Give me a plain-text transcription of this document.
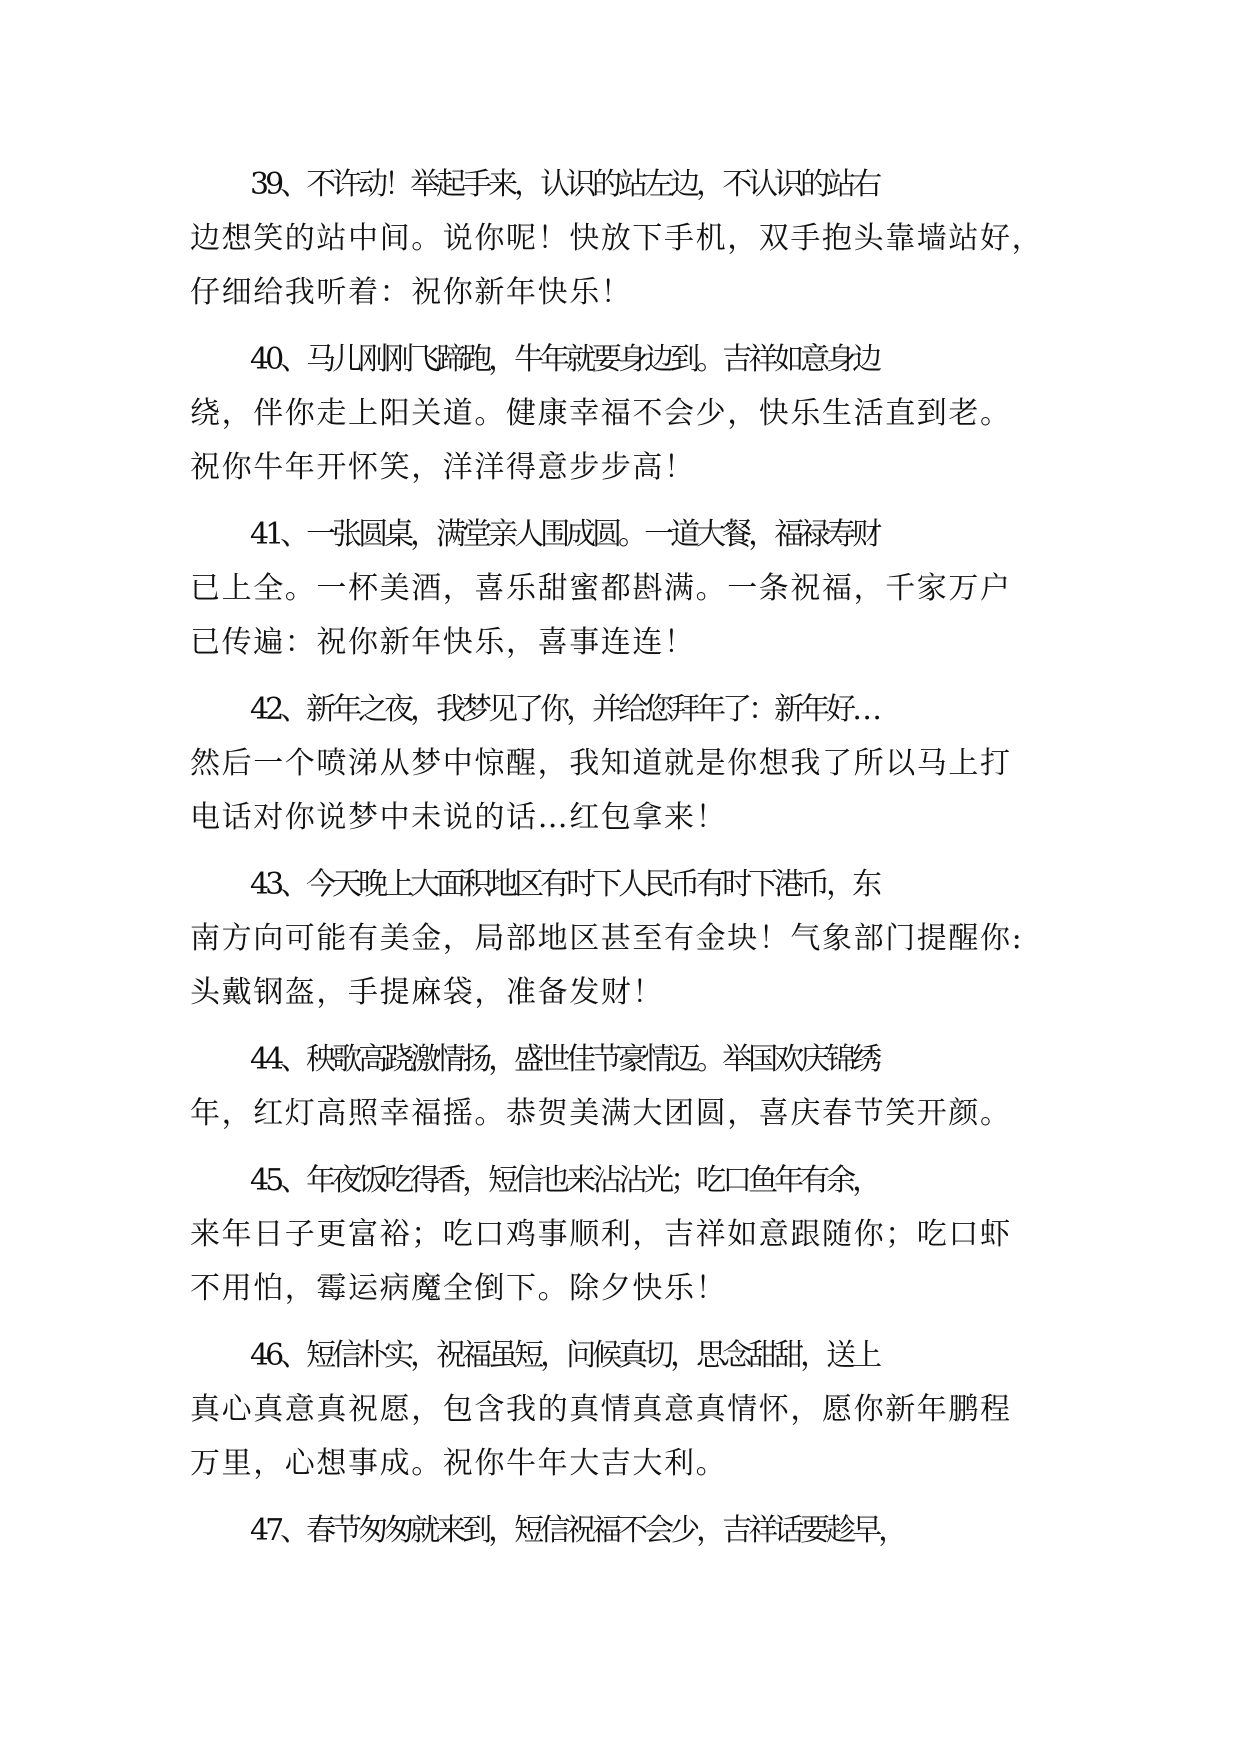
39、不许动！举起手来，认识的站左边，不认识的站右
边想笑的站中间。说你呢！快放下手机，双手抱头靠墙站好，
仔细给我听着：祝你新年快乐！

40、马儿刚刚飞蹄跑，牛年就要身边到。吉祥如意身边
绕，伴你走上阳关道。健康幸福不会少，快乐生活直到老。
祝你牛年开怀笑，洋洋得意步步高！

41、一张圆桌，满堂亲人围成圆。一道大餐，福禄寿财
已上全。一杯美酒，喜乐甜蜜都斟满。一条祝福，千家万户
已传遍：祝你新年快乐，喜事连连！

42、新年之夜，我梦见了你，并给您拜年了：新年好…
然后一个喷涕从梦中惊醒，我知道就是你想我了所以马上打
电话对你说梦中未说的话…红包拿来！

43、今天晚上大面积地区有时下人民币有时下港币，东
南方向可能有美金，局部地区甚至有金块！气象部门提醒你:
头戴钢盔，手提麻袋，准备发财！

44、秧歌高跷激情扬，盛世佳节豪情迈。举国欢庆锦绣
年，红灯高照幸福摇。恭贺美满大团圆，喜庆春节笑开颜。

45、年夜饭吃得香，短信也来沾沾光；吃口鱼年有余，
来年日子更富裕；吃口鸡事顺利，吉祥如意跟随你；吃口虾
不用怕，霉运病魔全倒下。除夕快乐！

46、短信朴实，祝福虽短，问候真切，思念甜甜，送上
真心真意真祝愿，包含我的真情真意真情怀，愿你新年鹏程
万里，心想事成。祝你牛年大吉大利。

47、春节匆匆就来到，短信祝福不会少，吉祥话要趁早，
